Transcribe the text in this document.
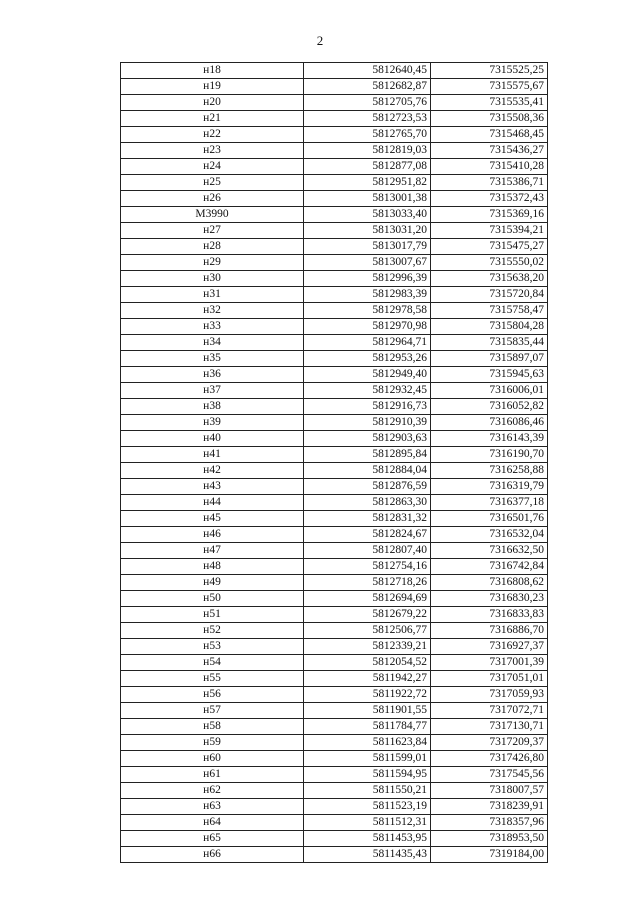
2
н18	5812640,45	7315525,25
н19	5812682,87	7315575,67
н20	5812705,76	7315535,41
н21	5812723,53	7315508,36
н22	5812765,70	7315468,45
н23	5812819,03	7315436,27
н24	5812877,08	7315410,28
н25	5812951,82	7315386,71
н26	5813001,38	7315372,43
М3990	5813033,40	7315369,16
н27	5813031,20	7315394,21
н28	5813017,79	7315475,27
н29	5813007,67	7315550,02
н30	5812996,39	7315638,20
н31	5812983,39	7315720,84
н32	5812978,58	7315758,47
н33	5812970,98	7315804,28
н34	5812964,71	7315835,44
н35	5812953,26	7315897,07
н36	5812949,40	7315945,63
н37	5812932,45	7316006,01
н38	5812916,73	7316052,82
н39	5812910,39	7316086,46
н40	5812903,63	7316143,39
н41	5812895,84	7316190,70
н42	5812884,04	7316258,88
н43	5812876,59	7316319,79
н44	5812863,30	7316377,18
н45	5812831,32	7316501,76
н46	5812824,67	7316532,04
н47	5812807,40	7316632,50
н48	5812754,16	7316742,84
н49	5812718,26	7316808,62
н50	5812694,69	7316830,23
н51	5812679,22	7316833,83
н52	5812506,77	7316886,70
н53	5812339,21	7316927,37
н54	5812054,52	7317001,39
н55	5811942,27	7317051,01
н56	5811922,72	7317059,93
н57	5811901,55	7317072,71
н58	5811784,77	7317130,71
н59	5811623,84	7317209,37
н60	5811599,01	7317426,80
н61	5811594,95	7317545,56
н62	5811550,21	7318007,57
н63	5811523,19	7318239,91
н64	5811512,31	7318357,96
н65	5811453,95	7318953,50
н66	5811435,43	7319184,00
